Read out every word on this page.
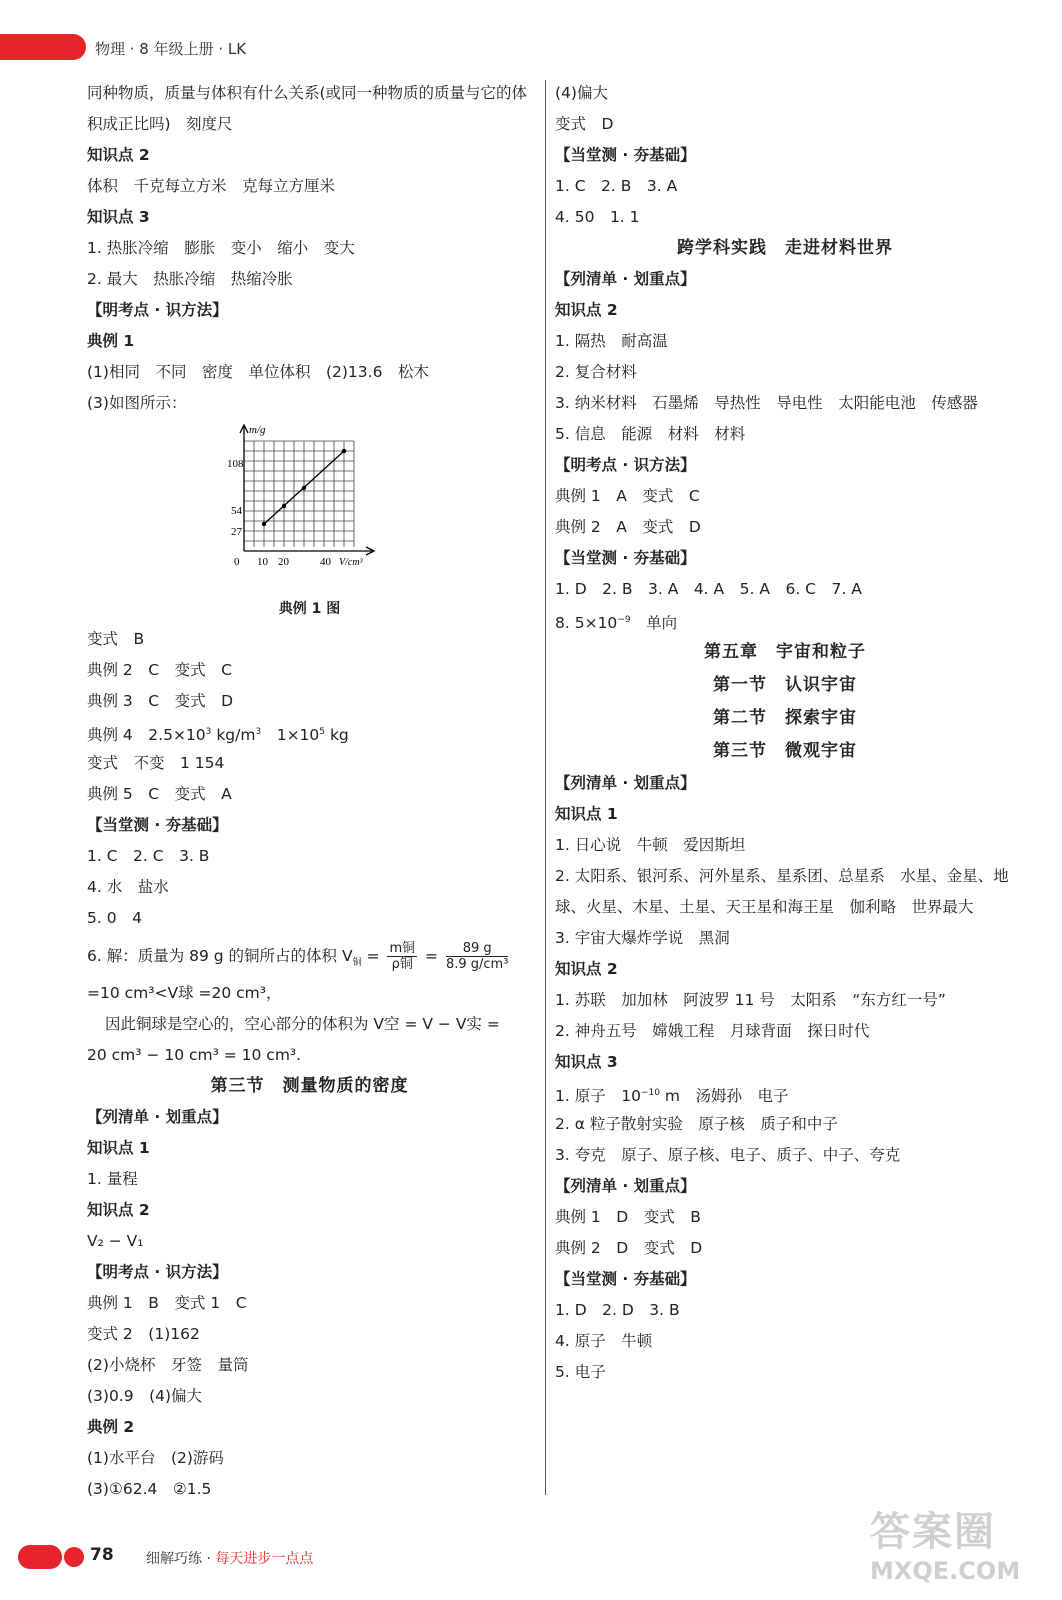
物理 · 8 年级上册 · LK
同种物质，质量与体积有什么关系(或同一种物质的质量与它的体积成正比吗)　刻度尺
知识点 2
体积　千克每立方米　克每立方厘米
知识点 3
1. 热胀冷缩　膨胀　变小　缩小　变大
2. 最大　热胀冷缩　热缩冷胀
【明考点 · 识方法】
典例 1
(1)相同　不同　密度　单位体积　(2)13.6　松木
(3)如图所示：
m/g
108
54
27
0 10 20	40 V/cm³
典例 1 图
变式　B
典例 2　C　变式　C
典例 3　C　变式　D
典例 4　$2.5\times 10^3$ $kg/m^3$　$1\times 10^5$ kg
变式　不变　1 154
典例 5　C　变式　A
【当堂测 · 夯基础】
1. C　2. C　3. B
4. 水　盐水
5. 0　4
6. 解：质量为 89 g 的铜所占的体积 $V_铜 = \frac{\text{m铜}}{\text{ρ铜}} = \frac{89 g}{\text{8.9 g/cm³}}$
=10 cm³<V球 =20 cm³，
因此铜球是空心的，空心部分的体积为 V空 = V − V实 =
20 cm³ − 10 cm³ = 10 cm³.
第三节　测量物质的密度
【列清单 · 划重点】
知识点 1
1. 量程
知识点 2
V₂ − V₁
【明考点 · 识方法】
典例 1　B　变式 1　C
变式 2　(1)162
(2)小烧杯　牙签　量筒
(3)0.9　(4)偏大
典例 2
(1)水平台　(2)游码
(3)①62.4　②1.5
(4)偏大
变式　D
【当堂测 · 夯基础】
1. C　2. B　3. A
4. 50　1. 1
跨学科实践　走进材料世界
【列清单 · 划重点】
知识点 2
1. 隔热　耐高温
2. 复合材料
3. 纳米材料　石墨烯　导热性　导电性　太阳能电池　传感器
5. 信息　能源　材料　材料
【明考点 · 识方法】
典例 1　A　变式　C
典例 2　A　变式　D
【当堂测 · 夯基础】
1. D　2. B　3. A　4. A　5. A　6. C　7. A
8. $5\times 10^{-9}$　单向
第五章　宇宙和粒子
第一节　认识宇宙
第二节　探索宇宙
第三节　微观宇宙
【列清单 · 划重点】
知识点 1
1. 日心说　牛顿　爱因斯坦
2. 太阳系、银河系、河外星系、星系团、总星系　水星、金星、地球、火星、木星、土星、天王星和海王星　伽利略　世界最大
3. 宇宙大爆炸学说　黑洞
知识点 2
1. 苏联　加加林　阿波罗 11 号　太阳系　“东方红一号”
2. 神舟五号　嫦娥工程　月球背面　探日时代
知识点 3
1. 原子　$10^{-10}$ m　汤姆孙　电子
2. α 粒子散射实验　原子核　质子和中子
3. 夸克　原子、原子核、电子、质子、中子、夸克
【列清单 · 划重点】
典例 1　D　变式　B
典例 2　D　变式　D
【当堂测 · 夯基础】
1. D　2. D　3. B
4. 原子　牛顿
5. 电子
78 细解巧练 · 每天进步一点点
答案圈
MXQE.COM
